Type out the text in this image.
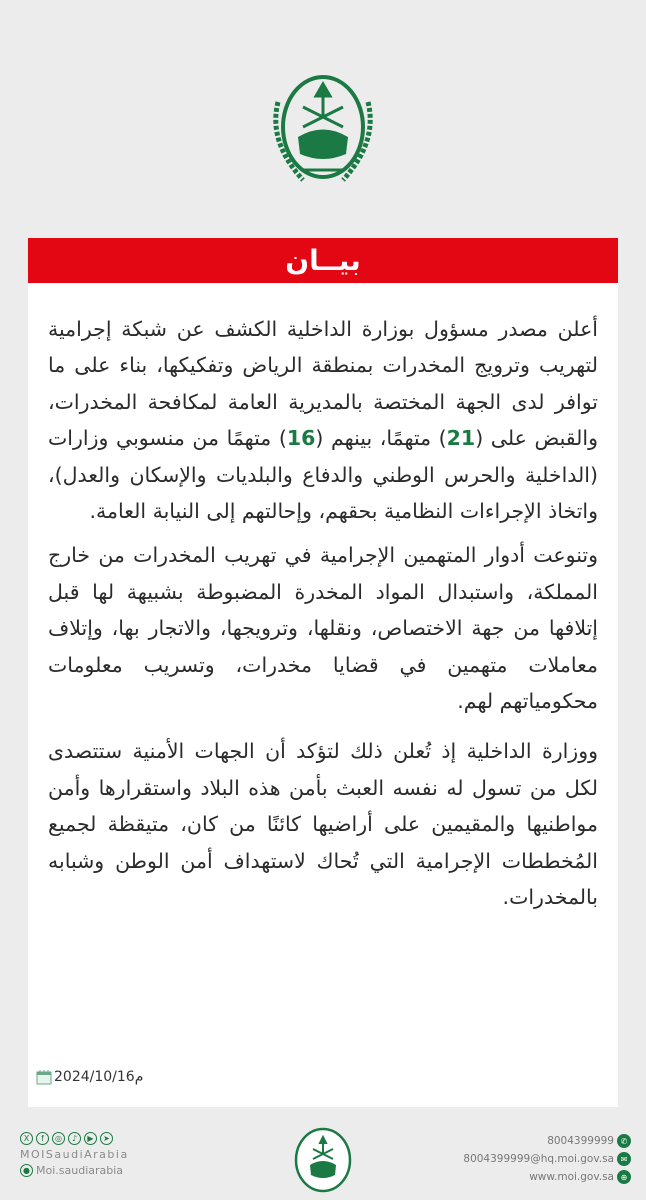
بيــان

أعلن مصدر مسؤول بوزارة الداخلية الكشف عن شبكة إجرامية لتهريب وترويج المخدرات بمنطقة الرياض وتفكيكها، بناء على ما توافر لدى الجهة المختصة بالمديرية العامة لمكافحة المخدرات، والقبض على (21) متهمًا، بينهم (16) متهمًا من منسوبي وزارات (الداخلية والحرس الوطني والدفاع والبلديات والإسكان والعدل)، واتخاذ الإجراءات النظامية بحقهم، وإحالتهم إلى النيابة العامة.

وتنوعت أدوار المتهمين الإجرامية في تهريب المخدرات من خارج المملكة، واستبدال المواد المخدرة المضبوطة بشبيهة لها قبل إتلافها من جهة الاختصاص، ونقلها، وترويجها، والاتجار بها، وإتلاف معاملات متهمين في قضايا مخدرات، وتسريب معلومات محكومياتهم لهم.

ووزارة الداخلية إذ تُعلن ذلك لتؤكد أن الجهات الأمنية ستتصدى لكل من تسول له نفسه العبث بأمن هذه البلاد واستقرارها وأمن مواطنيها والمقيمين على أراضيها كائنًا من كان، متيقظة لجميع المُخططات الإجرامية التي تُحاك لاستهداف أمن الوطن وشبابه بالمخدرات.

2024/10/16م
X	f	◎	♪	▶	➤
MOISaudiArabia
● Moi.saudiarabia
8004399999 ✆
8004399999@hq.moi.gov.sa ✉
www.moi.gov.sa ⊕
